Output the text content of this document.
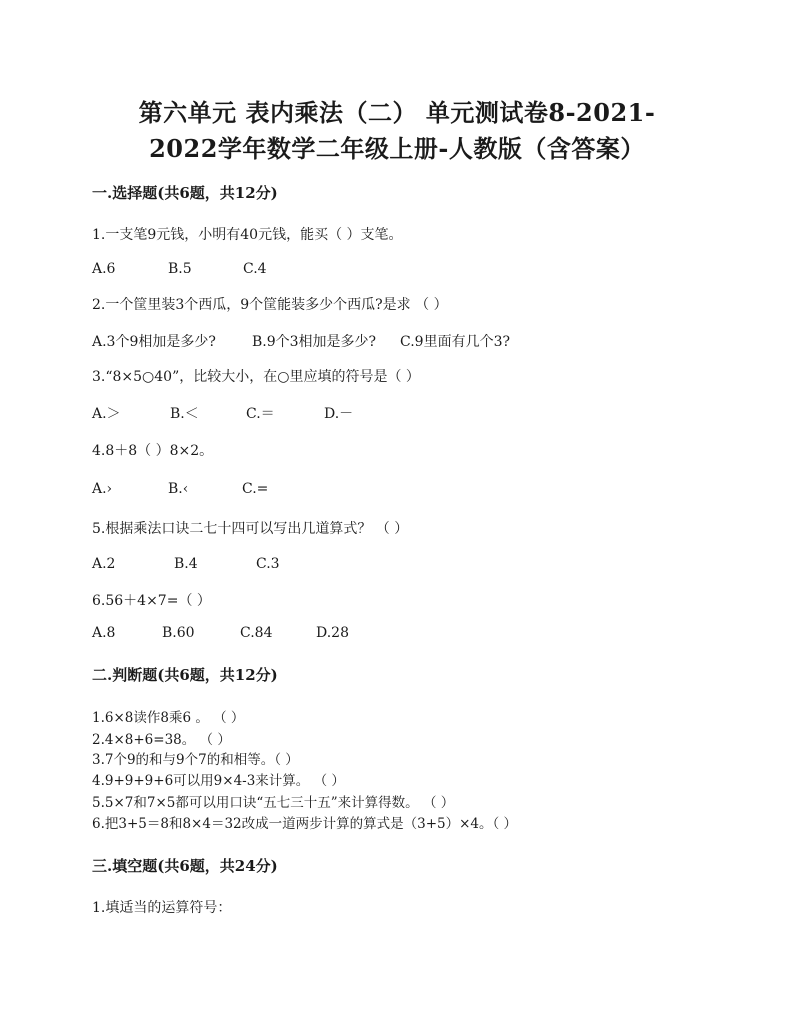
第六单元 表内乘法（二） 单元测试卷8-2021-
2022学年数学二年级上册-人教版（含答案）
一.选择题(共6题，共12分)
1.一支笔9元钱，小明有40元钱，能买（ ）支笔。
A.6	B.5	C.4
2.一个筐里装3个西瓜，9个筐能装多少个西瓜?是求 （ ）
A.3个9相加是多少?	B.9个3相加是多少? C.9里面有几个3?
3.“8×5○40”，比较大小，在○里应填的符号是（ ）
A.＞	B.＜	C.＝	D.－
4.8＋8（ ）8×2。
A.›	B.‹	C.=
5.根据乘法口诀二七十四可以写出几道算式？ （ ）
A.2	B.4	C.3
6.56＋4×7=（ ）
A.8	B.60	C.84	D.28
二.判断题(共6题，共12分)
1.6×8读作8乘6 。 （ ）
2.4×8+6=38。 （ ）
3.7个9的和与9个7的和相等。（ ）
4.9+9+9+6可以用9×4-3来计算。 （ ）
5.5×7和7×5都可以用口诀“五七三十五”来计算得数。 （ ）
6.把3+5＝8和8×4＝32改成一道两步计算的算式是（3+5）×4。（ ）
三.填空题(共6题，共24分)
1.填适当的运算符号：
